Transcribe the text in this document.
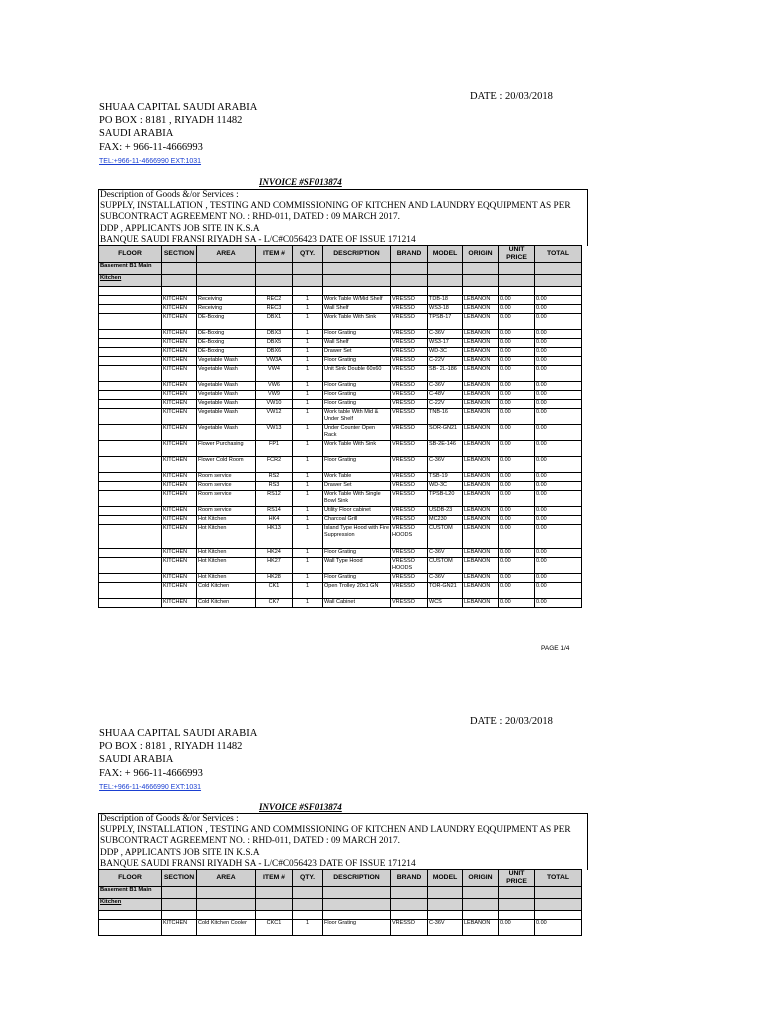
DATE : 20/03/2018
SHUAA CAPITAL SAUDI ARABIA
PO BOX : 8181 , RIYADH 11482
SAUDI ARABIA
FAX: + 966-11-4666993
TEL:+966-11-4666990 EXT:1031
INVOICE #SF013874
Description of Goods &/or Services :
SUPPLY, INSTALLATION , TESTING AND COMMISSIONING OF KITCHEN AND LAUNDRY EQQUIPMENT AS PER
SUBCONTRACT AGREEMENT NO. : RHD-011, DATED : 09 MARCH 2017.
DDP , APPLICANTS JOB SITE IN K.S.A
BANQUE SAUDI FRANSI RIYADH SA - L/C#C056423 DATE OF ISSUE 171214
FLOOR	SECTION	AREA	ITEM #	QTY.	DESCRIPTION	BRAND	MODEL	ORIGIN	UNIT PRICE	TOTAL
Basement B1 Main										
Kitchen										

	KITCHEN	Receiving	REC2	1	Work Table W/Mid Shelf	VRESSO	TDB-18	LEBANON	0.00	0.00
	KITCHEN	Receiving	REC3	1	Wall Shelf	VRESSO	WS3-18	LEBANON	0.00	0.00
	KITCHEN	DE-Boxing	DBX1	1	Work Table With Sink	VRESSO	TPSB-17	LEBANON	0.00	0.00
	KITCHEN	DE-Boxing	DBX3	1	Floor Grating	VRESSO	C-36V	LEBANON	0.00	0.00
	KITCHEN	DE-Boxing	DBX5	1	Wall Shelf	VRESSO	WS3-17	LEBANON	0.00	0.00
	KITCHEN	DE-Boxing	DBX6	1	Drawer Set	VRESSO	WD-3C	LEBANON	0.00	0.00
	KITCHEN	Vegetable Wash	VW3A	1	Floor Grating	VRESSO	C-22V	LEBANON	0.00	0.00
	KITCHEN	Vegetable Wash	VW4	1	Unit Sink Double 60x60	VRESSO	SB- 2L-186	LEBANON	0.00	0.00
	KITCHEN	Vegetable Wash	VW6	1	Floor Grating	VRESSO	C-36V	LEBANON	0.00	0.00
	KITCHEN	Vegetable Wash	VW9	1	Floor Grating	VRESSO	C-48V	LEBANON	0.00	0.00
	KITCHEN	Vegetable Wash	VW10	1	Floor Grating	VRESSO	C-22V	LEBANON	0.00	0.00
	KITCHEN	Vegetable Wash	VW12	1	Work table With Mid & Under Shelf	VRESSO	TNB-16	LEBANON	0.00	0.00
	KITCHEN	Vegetable Wash	VW13	1	Under Counter Open Rack	VRESSO	SOR-GN21	LEBANON	0.00	0.00
	KITCHEN	Flower Purchasing	FP1	1	Work Table With Sink	VRESSO	SB-2E-146	LEBANON	0.00	0.00
	KITCHEN	Flower Cold Room	FCR2	1	Floor Grating	VRESSO	C-36V	LEBANON	0.00	0.00
	KITCHEN	Room service	RS2	1	Work Table	VRESSO	TSB-19	LEBANON	0.00	0.00
	KITCHEN	Room service	RS3	1	Drawer Set	VRESSO	WD-3C	LEBANON	0.00	0.00
	KITCHEN	Room service	RS12	1	Work Table With Single Bowl Sink	VRESSO	TPSB-L20	LEBANON	0.00	0.00
	KITCHEN	Room service	RS14	1	Utility Floor cabinet	VRESSO	USDB-23	LEBANON	0.00	0.00
	KITCHEN	Hot Kitchen	HK4	1	Charcoal Grill	VRESSO	MC230	LEBANON	0.00	0.00
	KITCHEN	Hot Kitchen	HK13	1	Island Type Hood with Fire Suppression	VRESSO HOODS	CUSTOM	LEBANON	0.00	0.00
	KITCHEN	Hot Kitchen	HK24	1	Floor Grating	VRESSO	C-36V	LEBANON	0.00	0.00
	KITCHEN	Hot Kitchen	HK27	1	Wall Type Hood	VRESSO HOODS	CUSTOM	LEBANON	0.00	0.00
	KITCHEN	Hot Kitchen	HK28	1	Floor Grating	VRESSO	C-36V	LEBANON	0.00	0.00
	KITCHEN	Cold Kitchen	CK1	1	Open Trolley 20x1 GN	VRESSO	TOR-GN21	LEBANON	0.00	0.00
	KITCHEN	Cold Kitchen	CK7	1	Wall Cabinet	VRESSO	WCS	LEBANON	0.00	0.00
PAGE 1/4
DATE : 20/03/2018
SHUAA CAPITAL SAUDI ARABIA
PO BOX : 8181 , RIYADH 11482
SAUDI ARABIA
FAX: + 966-11-4666993
TEL:+966-11-4666990 EXT:1031
INVOICE #SF013874
Description of Goods &/or Services :
SUPPLY, INSTALLATION , TESTING AND COMMISSIONING OF KITCHEN AND LAUNDRY EQQUIPMENT AS PER
SUBCONTRACT AGREEMENT NO. : RHD-011, DATED : 09 MARCH 2017.
DDP , APPLICANTS JOB SITE IN K.S.A
BANQUE SAUDI FRANSI RIYADH SA - L/C#C056423 DATE OF ISSUE 171214
FLOOR	SECTION	AREA	ITEM #	QTY.	DESCRIPTION	BRAND	MODEL	ORIGIN	UNIT PRICE	TOTAL
Basement B1 Main										
Kitchen										

	KITCHEN	Cold Kitchen Cooler	CKC1	1	Floor Grating	VRESSO	C-36V	LEBANON	0.00	0.00
